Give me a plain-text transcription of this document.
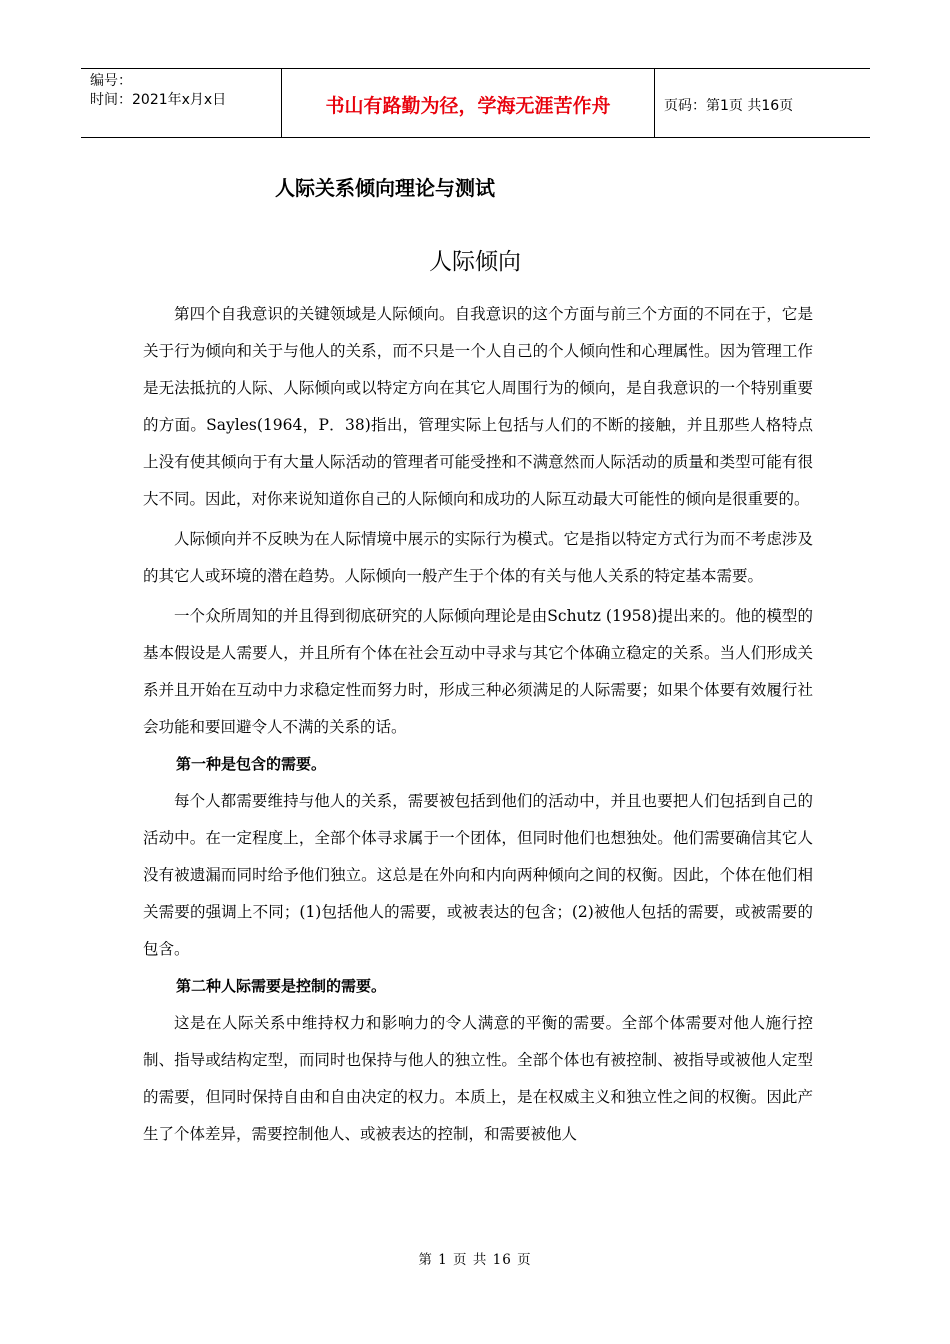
编号：
时间：2021年x月x日	书山有路勤为径，学海无涯苦作舟	页码：第1页 共16页
人际关系倾向理论与测试
人际倾向

第四个自我意识的关键领域是人际倾向。自我意识的这个方面与前三个方面的不同在于，它是关于行为倾向和关于与他人的关系，而不只是一个人自己的个人倾向性和心理属性。因为管理工作是无法抵抗的人际、人际倾向或以特定方向在其它人周围行为的倾向，是自我意识的一个特别重要的方面。Sayles(1964，P．38)指出，管理实际上包括与人们的不断的接触，并且那些人格特点上没有使其倾向于有大量人际活动的管理者可能受挫和不满意然而人际活动的质量和类型可能有很大不同。因此，对你来说知道你自己的人际倾向和成功的人际互动最大可能性的倾向是很重要的。

人际倾向并不反映为在人际情境中展示的实际行为模式。它是指以特定方式行为而不考虑涉及的其它人或环境的潜在趋势。人际倾向一般产生于个体的有关与他人关系的特定基本需要。

一个众所周知的并且得到彻底研究的人际倾向理论是由Schutz (1958)提出来的。他的模型的基本假设是人需要人，并且所有个体在社会互动中寻求与其它个体确立稳定的关系。当人们形成关系并且开始在互动中力求稳定性而努力时，形成三种必须满足的人际需要；如果个体要有效履行社会功能和要回避令人不满的关系的话。

第一种是包含的需要。

每个人都需要维持与他人的关系，需要被包括到他们的活动中，并且也要把人们包括到自己的活动中。在一定程度上，全部个体寻求属于一个团体，但同时他们也想独处。他们需要确信其它人没有被遗漏而同时给予他们独立。这总是在外向和内向两种倾向之间的权衡。因此，个体在他们相关需要的强调上不同；(1)包括他人的需要，或被表达的包含；(2)被他人包括的需要，或被需要的包含。

第二种人际需要是控制的需要。

这是在人际关系中维持权力和影响力的令人满意的平衡的需要。全部个体需要对他人施行控制、指导或结构定型，而同时也保持与他人的独立性。全部个体也有被控制、被指导或被他人定型的需要，但同时保持自由和自由决定的权力。本质上，是在权威主义和独立性之间的权衡。因此产生了个体差异，需要控制他人、或被表达的控制，和需要被他人

第 1 页 共 16 页
